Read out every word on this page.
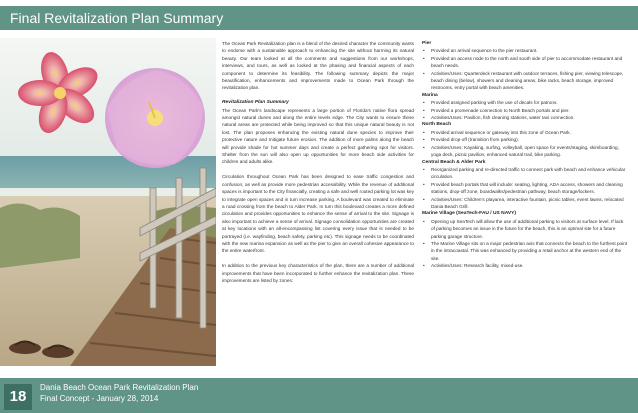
Final Revitalization Plan Summary

The Ocean Park Revitalization plan is a blend of the desired character the community wants to endorse with a sustainable approach to enhancing the site without harming its natural beauty. Our team looked at all the comments and suggestions from our workshops, interviews, and tours, as well as looked at the phasing and financial aspects of each component to determine its feasibility. The following summary depicts the major beautification, enhancements and improvements made to Ocean Park through the revitalization plan.

Revitalization Plan Summary

The Ocean Park's landscape represents a large portion of Florida's native flora spread amongst natural dunes and along the entire levels edge. The City wants to ensure these natural areas are protected while being improved so that this unique natural beauty is not lost. The plan proposes enhancing the existing natural dune species to improve their protective nature and mitigate future erosion. The addition of more palms along the beach will provide shade for hot summer days and create a perfect gathering spot for visitors. Shelter from the sun will also open up opportunities for more beach side activities for children and adults alike.

Circulation throughout Ocean Park has been designed to ease traffic congestion and confusion, as well as provide more pedestrian accessibility. While the revenue of additional spaces is important to the City financially, creating a safe and well routed parking lot was key to integrate open spaces and in turn increase parking. A boulevard was created to eliminate a road crossing from the beach to Alder Park. In turn this boulevard creates a more defined circulation and provides opportunities to enhance the sense of arrival to the site. Signage is also important to achieve a sense of arrival. Signage consolidation opportunities are created at key locations with an all-encompassing list covering every issue that is needed to be portrayed (i.e. wayfinding, beach safety, parking etc). This signage needs to be coordinated with the new marina expansion as well as the pier to give an overall cohesive appearance to the entire waterfront.

In addition to the previous key characteristics of the plan, there are a number of additional improvements that have been incorporated to further enhance the revitalization plan. These improvements are listed by zones:

Pier
• Provided an arrival sequence to the pier restaurant.
• Provided an access node to the north and south side of pier to accommodate restaurant and beach needs.
• Activities/Uses: Quarterdeck restaurant with outdoor terraces, fishing pier, viewing telescope, beach dining (below), showers and cleaning areas, bike racks, beach storage, improved restrooms, entry portal with beach amenities.
Marina
• Provided assigned parking with the use of decals for patrons.
• Provided a promenade connection to North Beach portals and pier.
• Activities/Uses: Pavilion, fish cleaning stations, water taxi connection.
North Beach
• Provided arrival sequence or gateway into this zone of Ocean Park.
• Provided drop-off (transition from parking).
• Activities/Uses: Kayaking, surfing, volleyball, open space for events/staging, skimboarding, yoga deck, picnic pavilion, enhanced natural trail, bike parking.
Central Beach & Alder Park
• Reorganized parking and re-directed traffic to connect park with beach and enhance vehicular circulation.
• Provided beach portals that will include: seating, lighting, ADA access, showers and cleaning stations, drop-off zone, boardwalks/pedestrian pathway, beach storage/lockers.
• Activities/Uses: Children's playarea, interactive fountain, picnic tables, event lawns, relocated Dania Beach Grill.
Marine Village (SeaTech-FAU / US NAVY)
• Opening up SeaTech will allow the use of additional parking to visitors at surface level. If lack of parking becomes an issue in the future for the beach, this is an optimal site for a future parking garage structure.
• The Marine Village sits on a major pedestrian axis that connects the beach to the furthest point in the intracoastal. This was enhanced by providing a retail anchor at the western end of the site.
• Activities/Uses: Research facility, mixed-use.
18
Dania Beach Ocean Park Revitalization Plan
Final Concept - January 28, 2014
